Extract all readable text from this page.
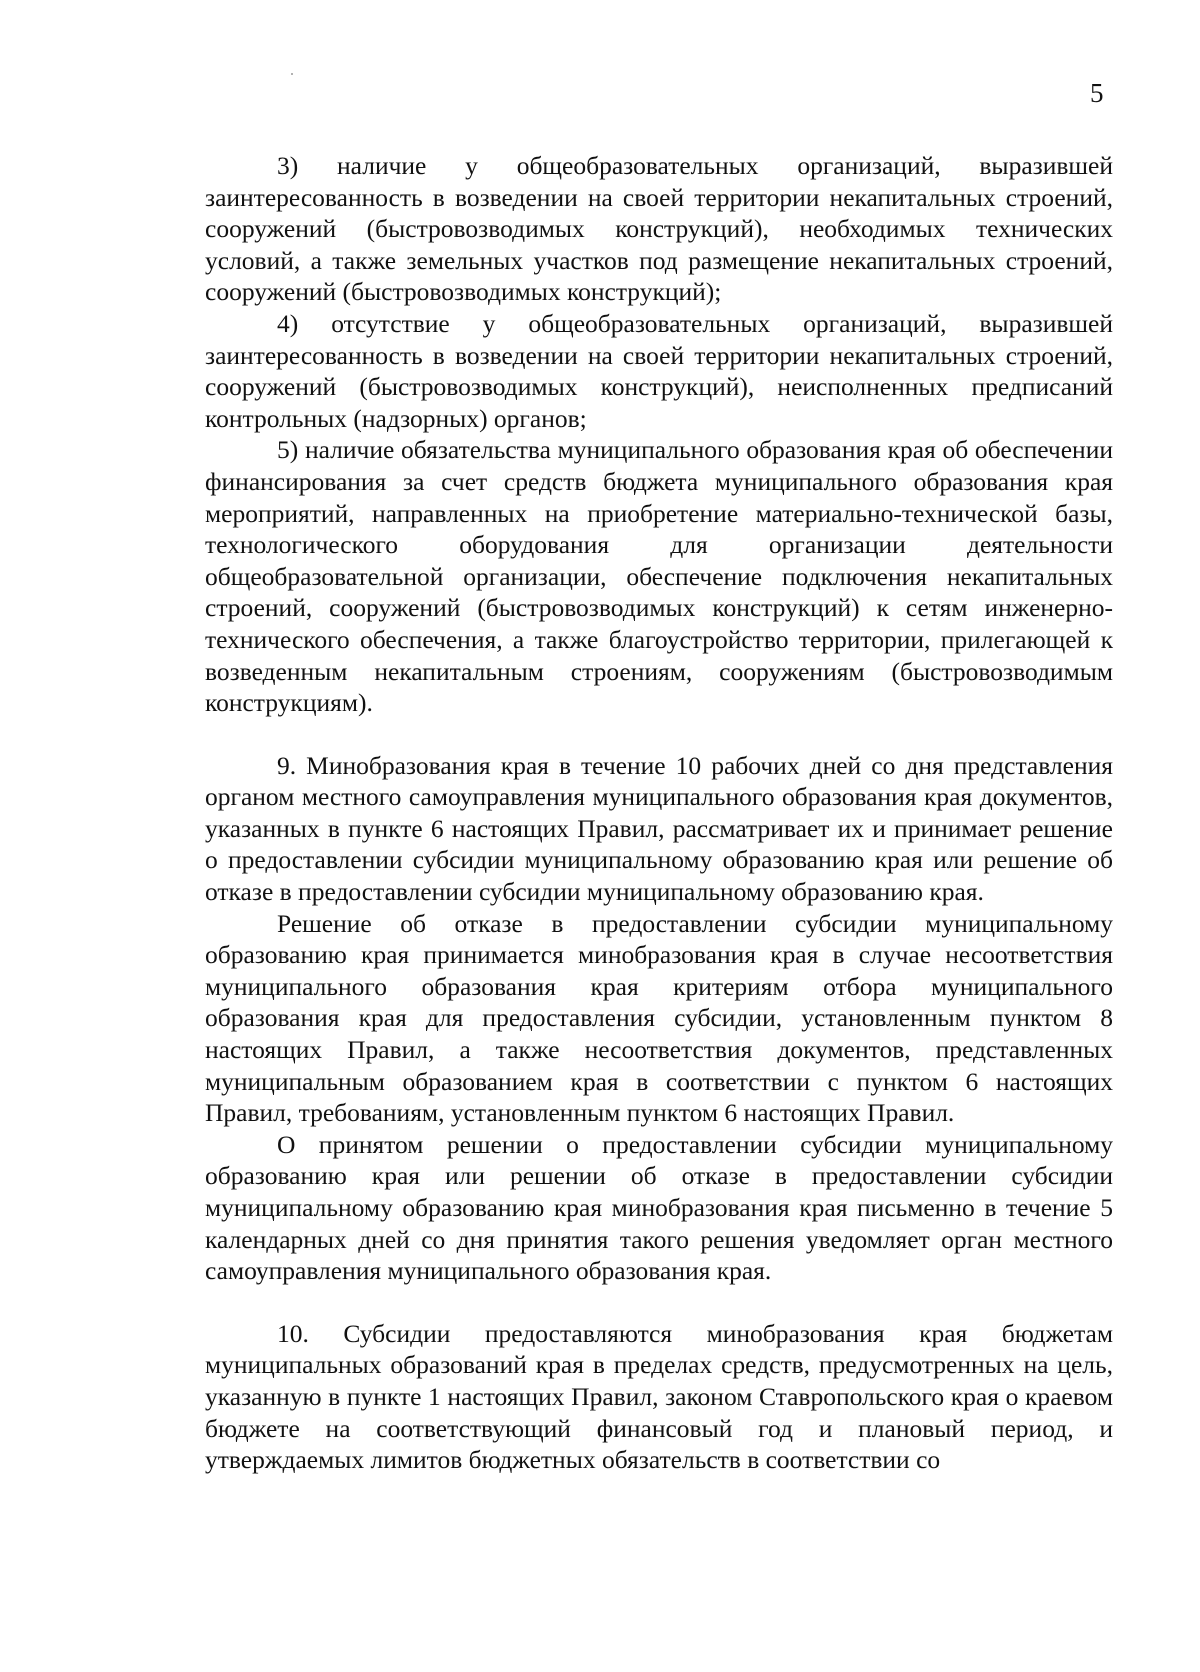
5

3) наличие у общеобразовательных организаций, выразившей заинтересованность в возведении на своей территории некапитальных строений, сооружений (быстровозводимых конструкций), необходимых технических условий, а также земельных участков под размещение некапитальных строений, сооружений (быстровозводимых конструкций);

4) отсутствие у общеобразовательных организаций, выразившей заинтересованность в возведении на своей территории некапитальных строений, сооружений (быстровозводимых конструкций), неисполненных предписаний контрольных (надзорных) органов;

5) наличие обязательства муниципального образования края об обеспечении финансирования за счет средств бюджета муниципального образования края мероприятий, направленных на приобретение материально-технической базы, технологического оборудования для организации деятельности общеобразовательной организации, обеспечение подключения некапитальных строений, сооружений (быстровозводимых конструкций) к сетям инженерно-технического обеспечения, а также благоустройство территории, прилегающей к возведенным некапитальным строениям, сооружениям (быстровозводимым конструкциям).

9. Минобразования края в течение 10 рабочих дней со дня представления органом местного самоуправления муниципального образования края документов, указанных в пункте 6 настоящих Правил, рассматривает их и принимает решение о предоставлении субсидии муниципальному образованию края или решение об отказе в предоставлении субсидии муниципальному образованию края.

Решение об отказе в предоставлении субсидии муниципальному образованию края принимается минобразования края в случае несоответствия муниципального образования края критериям отбора муниципального образования края для предоставления субсидии, установленным пунктом 8 настоящих Правил, а также несоответствия документов, представленных муниципальным образованием края в соответствии с пунктом 6 настоящих Правил, требованиям, установленным пунктом 6 настоящих Правил.

О принятом решении о предоставлении субсидии муниципальному образованию края или решении об отказе в предоставлении субсидии муниципальному образованию края минобразования края письменно в течение 5 календарных дней со дня принятия такого решения уведомляет орган местного самоуправления муниципального образования края.

10. Субсидии предоставляются минобразования края бюджетам муниципальных образований края в пределах средств, предусмотренных на цель, указанную в пункте 1 настоящих Правил, законом Ставропольского края о краевом бюджете на соответствующий финансовый год и плановый период, и утверждаемых лимитов бюджетных обязательств в соответствии со
